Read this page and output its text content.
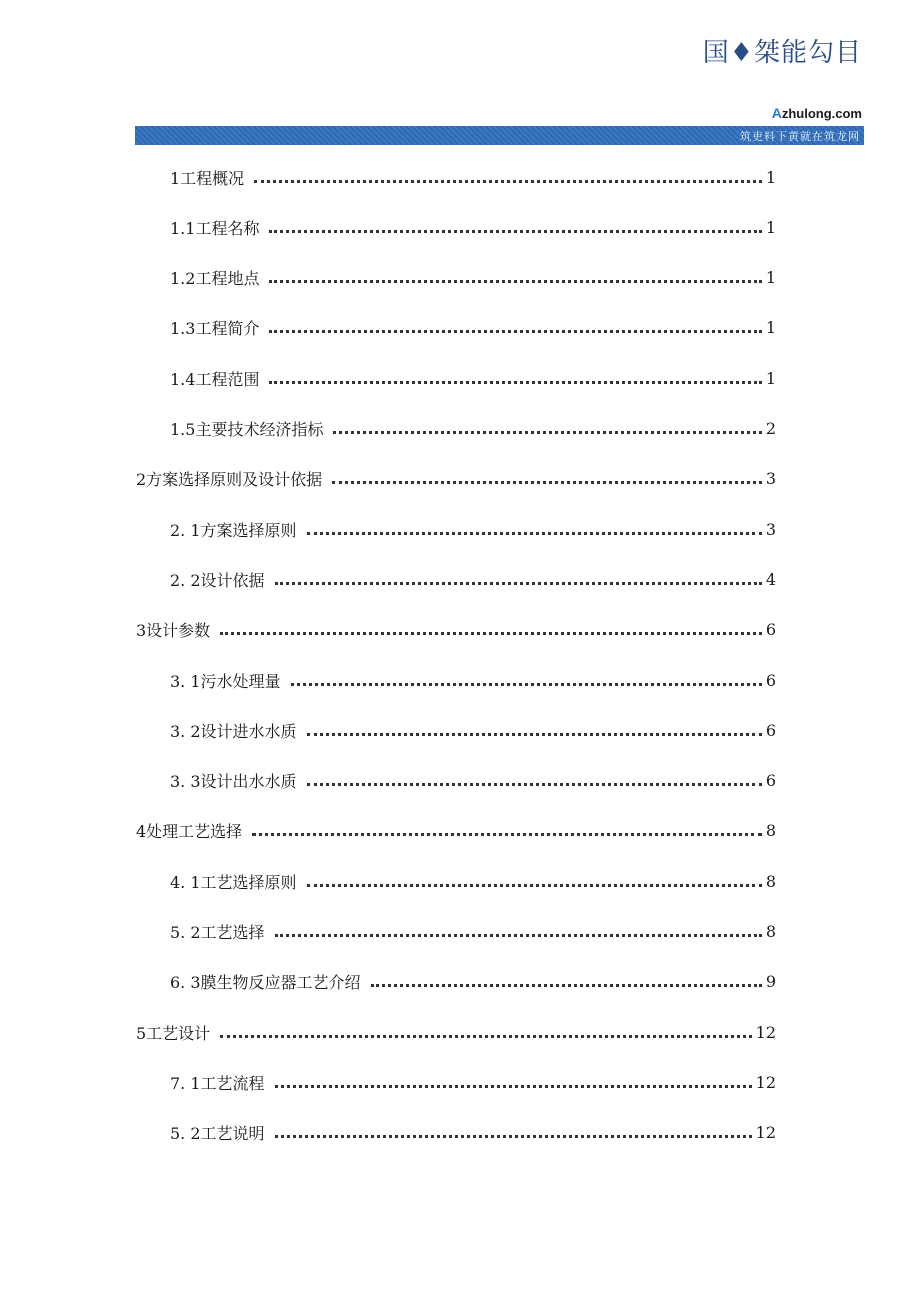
国♦桀能勾目
Azhulong.com
筑吏料下黄就在筑龙网
1工程概况	1
1.1工程名称	1
1.2工程地点	1
1.3工程简介	1
1.4工程范围	1
1.5主要技术经济指标	2
2方案选择原则及设计依据	3
2. 1方案选择原则	3
2. 2设计依据	4
3设计参数	6
3. 1污水处理量	6
3. 2设计进水水质	6
3. 3设计出水水质	6
4处理工艺选择	8
4. 1工艺选择原则	8
5. 2工艺选择	8
6. 3膜生物反应器工艺介绍	9
5工艺设计	12
7. 1工艺流程	12
5. 2工艺说明	12
